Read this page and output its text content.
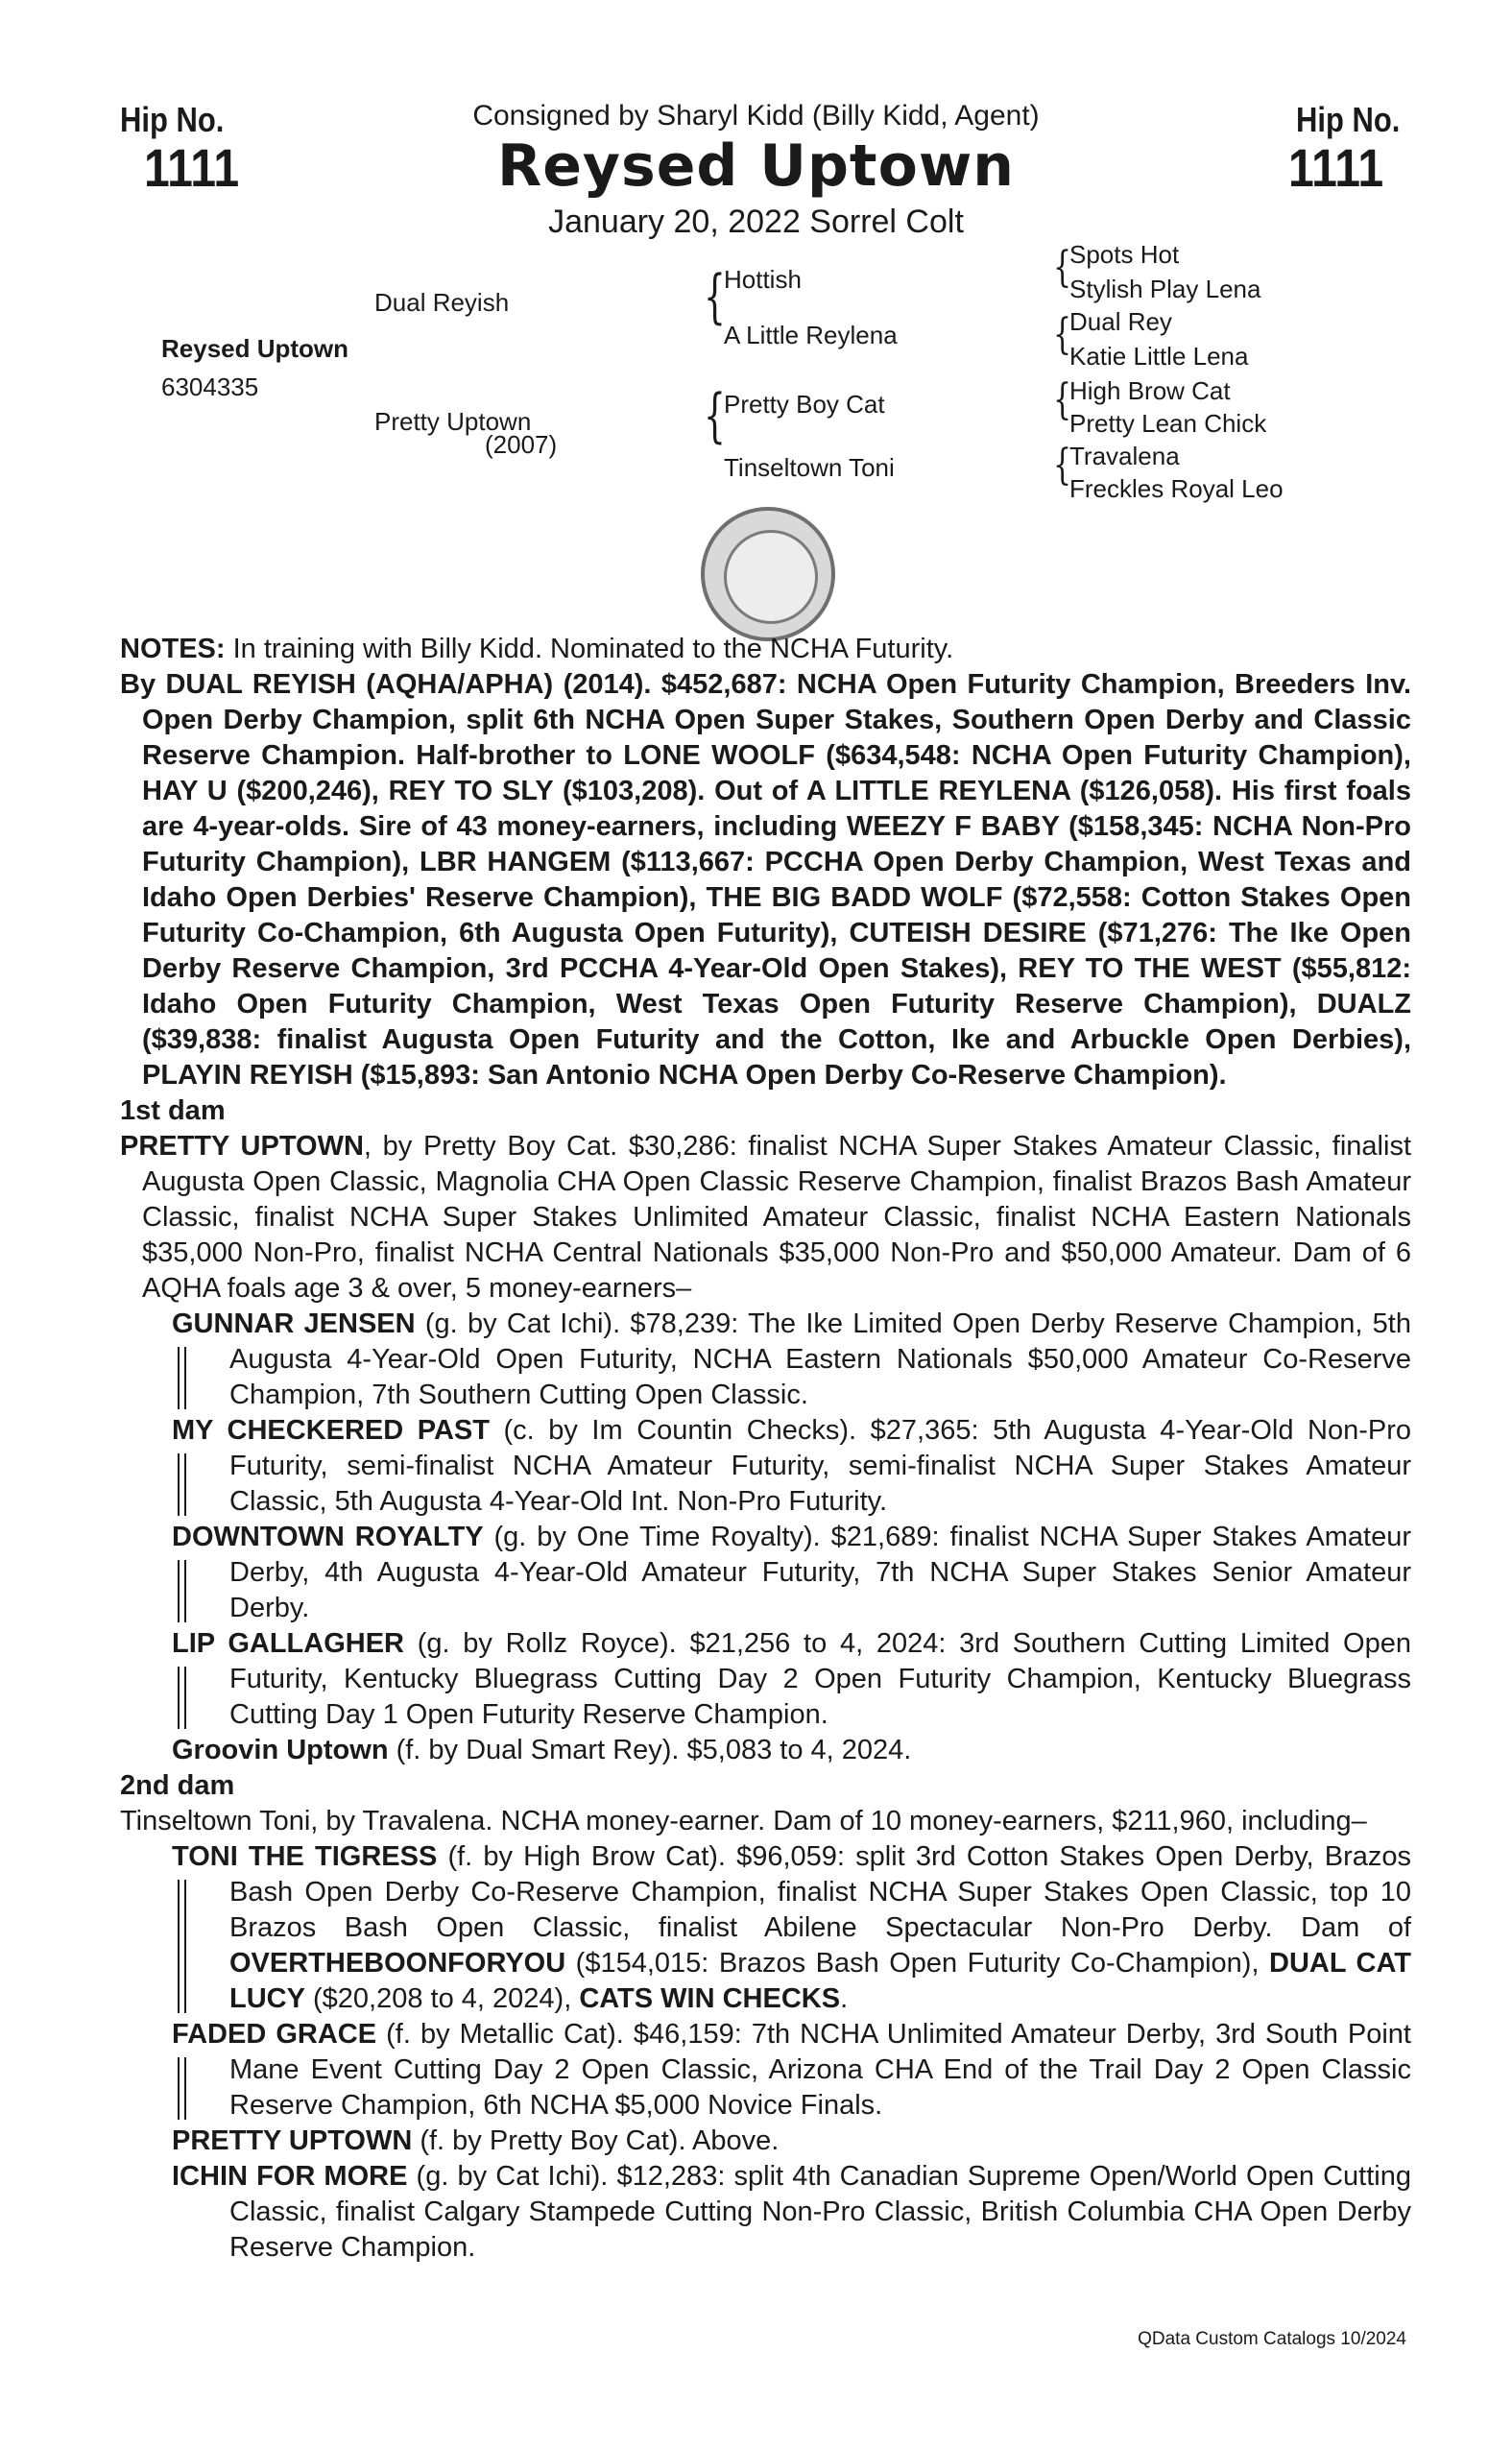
Hip No.
1111
Hip No.
1111
Consigned by Sharyl Kidd (Billy Kidd, Agent)
Reysed Uptown
January 20, 2022 Sorrel Colt
Reysed Uptown
6304335
Dual Reyish
Pretty Uptown
(2007)
{
{
Hottish
A Little Reylena
Pretty Boy Cat
Tinseltown Toni
{
{
{
{
Spots Hot
Stylish Play Lena
Dual Rey
Katie Little Lena
High Brow Cat
Pretty Lean Chick
Travalena
Freckles Royal Leo

NOTES: In training with Billy Kidd. Nominated to the NCHA Futurity.

By DUAL REYISH (AQHA/APHA) (2014). $452,687: NCHA Open Futurity Champion, Breeders Inv. Open Derby Champion, split 6th NCHA Open Super Stakes, Southern Open Derby and Classic Reserve Champion. Half-brother to LONE WOOLF ($634,548: NCHA Open Futurity Champion), HAY U ($200,246), REY TO SLY ($103,208). Out of A LITTLE REYLENA ($126,058). His first foals are 4-year-olds. Sire of 43 money-earners, including WEEZY F BABY ($158,345: NCHA Non-Pro Futurity Champion), LBR HANGEM ($113,667: PCCHA Open Derby Champion, West Texas and Idaho Open Derbies' Reserve Champion), THE BIG BADD WOLF ($72,558: Cotton Stakes Open Futurity Co-Champion, 6th Augusta Open Futurity), CUTEISH DESIRE ($71,276: The Ike Open Derby Reserve Champion, 3rd PCCHA 4-Year-Old Open Stakes), REY TO THE WEST ($55,812: Idaho Open Futurity Champion, West Texas Open Futurity Reserve Champion), DUALZ ($39,838: finalist Augusta Open Futurity and the Cotton, Ike and Arbuckle Open Derbies), PLAYIN REYISH ($15,893: San Antonio NCHA Open Derby Co-Reserve Champion).

1st dam

PRETTY UPTOWN, by Pretty Boy Cat. $30,286: finalist NCHA Super Stakes Amateur Classic, finalist Augusta Open Classic, Magnolia CHA Open Classic Reserve Champion, finalist Brazos Bash Amateur Classic, finalist NCHA Super Stakes Unlimited Amateur Classic, finalist NCHA Eastern Nationals $35,000 Non-Pro, finalist NCHA Central Nationals $35,000 Non-Pro and $50,000 Amateur. Dam of 6 AQHA foals age 3 & over, 5 money-earners–

GUNNAR JENSEN (g. by Cat Ichi). $78,239: The Ike Limited Open Derby Reserve Champion, 5th Augusta 4-Year-Old Open Futurity, NCHA Eastern Nationals $50,000 Amateur Co-Reserve Champion, 7th Southern Cutting Open Classic.

MY CHECKERED PAST (c. by Im Countin Checks). $27,365: 5th Augusta 4-Year-Old Non-Pro Futurity, semi-finalist NCHA Amateur Futurity, semi-finalist NCHA Super Stakes Amateur Classic, 5th Augusta 4-Year-Old Int. Non-Pro Futurity.

DOWNTOWN ROYALTY (g. by One Time Royalty). $21,689: finalist NCHA Super Stakes Amateur Derby, 4th Augusta 4-Year-Old Amateur Futurity, 7th NCHA Super Stakes Senior Amateur Derby.

LIP GALLAGHER (g. by Rollz Royce). $21,256 to 4, 2024: 3rd Southern Cutting Limited Open Futurity, Kentucky Bluegrass Cutting Day 2 Open Futurity Champion, Kentucky Bluegrass Cutting Day 1 Open Futurity Reserve Champion.

Groovin Uptown (f. by Dual Smart Rey). $5,083 to 4, 2024.

2nd dam

Tinseltown Toni, by Travalena. NCHA money-earner. Dam of 10 money-earners, $211,960, including–

TONI THE TIGRESS (f. by High Brow Cat). $96,059: split 3rd Cotton Stakes Open Derby, Brazos Bash Open Derby Co-Reserve Champion, finalist NCHA Super Stakes Open Classic, top 10 Brazos Bash Open Classic, finalist Abilene Spectacular Non-Pro Derby. Dam of OVERTHEBOONFORYOU ($154,015: Brazos Bash Open Futurity Co-Champion), DUAL CAT LUCY ($20,208 to 4, 2024), CATS WIN CHECKS.

FADED GRACE (f. by Metallic Cat). $46,159: 7th NCHA Unlimited Amateur Derby, 3rd South Point Mane Event Cutting Day 2 Open Classic, Arizona CHA End of the Trail Day 2 Open Classic Reserve Champion, 6th NCHA $5,000 Novice Finals.

PRETTY UPTOWN (f. by Pretty Boy Cat). Above.

ICHIN FOR MORE (g. by Cat Ichi). $12,283: split 4th Canadian Supreme Open/World Open Cutting Classic, finalist Calgary Stampede Cutting Non-Pro Classic, British Columbia CHA Open Derby Reserve Champion.

QData Custom Catalogs 10/2024
